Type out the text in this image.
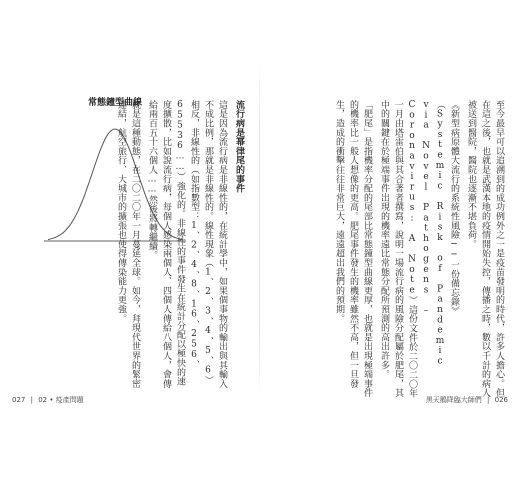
常態鐘型曲線	流行病是幂律尾的事件

這是因為流行病是非線性的，在統計學中，如果個事物的輸出與其輸入不成比例，那就是非線性的。線性現象（1、2、3、4、5、6）相反，非線性的（如指數型：1、2、4、8、16、256、65536……）強化的。非線性的事件發生在統計分配以極快的速度擴散，比如說流行病，每個人感染兩個人、四個人傳給八個人，會傳給兩百五十六個人……然後將轉繼續。

就是這種動態，在二〇二〇年一月蔓延全球。如今，拜現代世界的緊密連結，航空旅行、大城市的擴張也使得傳染能力更強。

027 | 02 • 疫產問題

至今最早可以追溯到的成功例外之一是疫苗發明的時代，許多人擔心。但在這之後，也就是武漢本地的疫情開始失控，傳播之時，數以千計的病人被送到醫院，醫院也逐漸不堪負荷。

《新型病原體大流行的系統性風險──一份備忘錄》（Systemic Risk of Pandemic via Novel Pathogens – Coronavirus: A Note）這份文件於二〇二〇年一月由塔雷伯與其合著者撰寫，說明一場流行病的風險分配屬於肥尾，其中的關鍵在於極端事件出現的機率遠比常態分配所預測的高出許多。

「肥尾」是指機率分配的尾部比常態鐘型曲線更厚，也就是出現極端事件的機率比一般人想像的更高。肥尾事件發生的機率雖然不高，但一旦發生，造成的衝擊往往非常巨大，遠遠超出我們的預期。

黑天鵝降臨大師們 | 026
